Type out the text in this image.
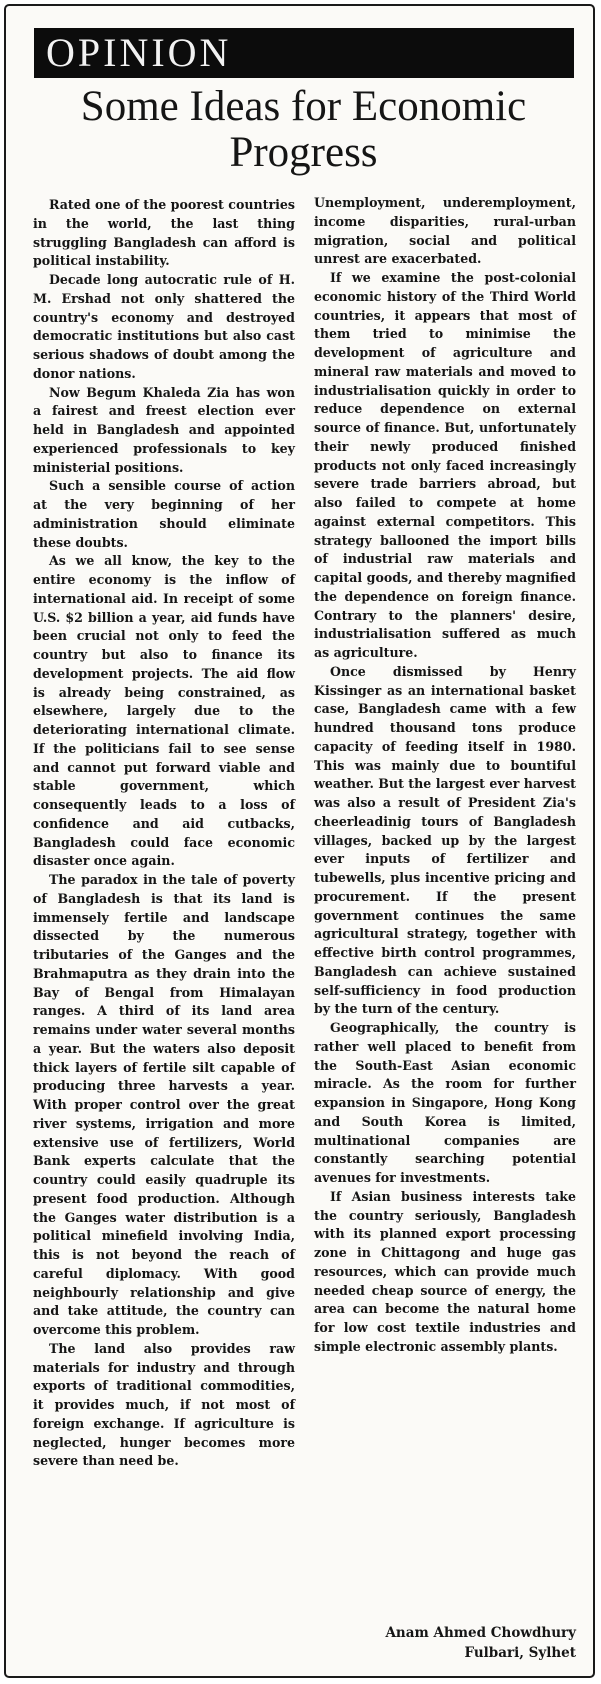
OPINION
Some Ideas for Economic Progress

Rated one of the poorest countries in the world, the last thing struggling Bangladesh can afford is political instability.

Decade long autocratic rule of H. M. Ershad not only shattered the country's economy and destroyed democratic institutions but also cast serious shadows of doubt among the donor nations.

Now Begum Khaleda Zia has won a fairest and freest election ever held in Bangladesh and appointed experienced professionals to key ministerial positions.

Such a sensible course of action at the very beginning of her administration should eliminate these doubts.

As we all know, the key to the entire economy is the inflow of international aid. In receipt of some U.S. $2 billion a year, aid funds have been crucial not only to feed the country but also to finance its development projects. The aid flow is already being constrained, as elsewhere, largely due to the deteriorating international climate. If the politicians fail to see sense and cannot put forward viable and stable government, which consequently leads to a loss of confidence and aid cutbacks, Bangladesh could face economic disaster once again.

The paradox in the tale of poverty of Bangladesh is that its land is immensely fertile and landscape dissected by the numerous tributaries of the Ganges and the Brahmaputra as they drain into the Bay of Bengal from Himalayan ranges. A third of its land area remains under water several months a year. But the waters also deposit thick layers of fertile silt capable of producing three harvests a year. With proper control over the great river systems, irrigation and more extensive use of fertilizers, World Bank experts calculate that the country could easily quadruple its present food production. Although the Ganges water distribution is a political minefield involving India, this is not beyond the reach of careful diplomacy. With good neighbourly relationship and give and take attitude, the country can overcome this problem.

The land also provides raw materials for industry and through exports of traditional commodities, it provides much, if not most of foreign exchange. If agriculture is neglected, hunger becomes more severe than need be.

Unemployment, underemployment, income disparities, rural-urban migration, social and political unrest are exacerbated.

If we examine the post-colonial economic history of the Third World countries, it appears that most of them tried to minimise the development of agriculture and mineral raw materials and moved to industrialisation quickly in order to reduce dependence on external source of finance. But, unfortunately their newly produced finished products not only faced increasingly severe trade barriers abroad, but also failed to compete at home against external competitors. This strategy ballooned the import bills of industrial raw materials and capital goods, and thereby magnified the dependence on foreign finance. Contrary to the planners' desire, industrialisation suffered as much as agriculture.

Once dismissed by Henry Kissinger as an international basket case, Bangladesh came with a few hundred thousand tons produce capacity of feeding itself in 1980. This was mainly due to bountiful weather. But the largest ever harvest was also a result of President Zia's cheerleadinig tours of Bangladesh villages, backed up by the largest ever inputs of fertilizer and tubewells, plus incentive pricing and procurement. If the present government continues the same agricultural strategy, together with effective birth control programmes, Bangladesh can achieve sustained self-sufficiency in food production by the turn of the century.

Geographically, the country is rather well placed to benefit from the South-East Asian economic miracle. As the room for further expansion in Singapore, Hong Kong and South Korea is limited, multinational companies are constantly searching potential avenues for investments.

If Asian business interests take the country seriously, Bangladesh with its planned export processing zone in Chittagong and huge gas resources, which can provide much needed cheap source of energy, the area can become the natural home for low cost textile industries and simple electronic assembly plants.

Anam Ahmed Chowdhury
Fulbari, Sylhet
